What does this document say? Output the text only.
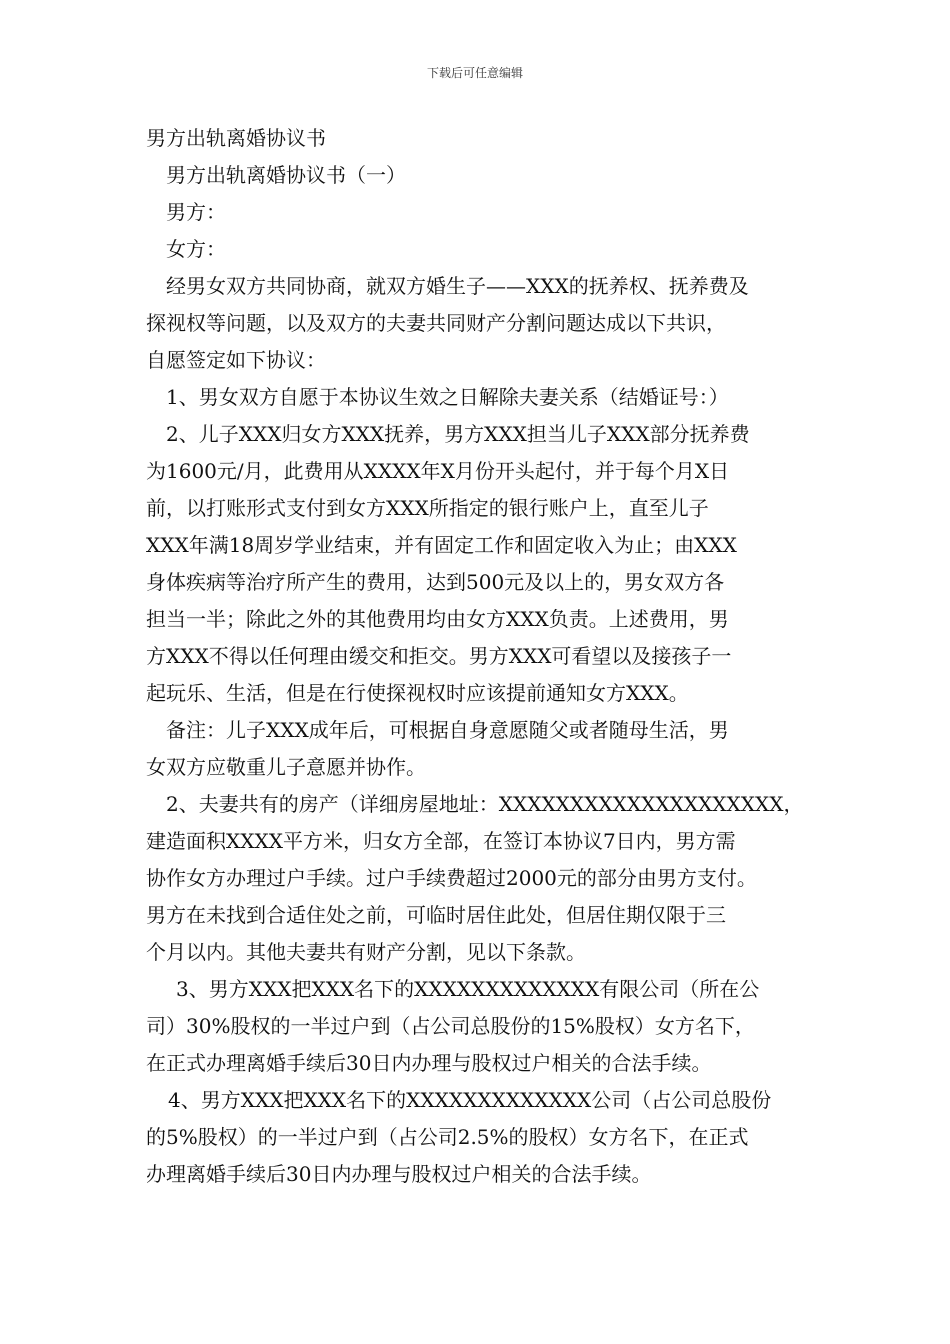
下载后可任意编辑

男方出轨离婚协议书

男方出轨离婚协议书（一）

男方：

女方：

经男女双方共同协商，就双方婚生子——XXX的抚养权、抚养费及

探视权等问题，以及双方的夫妻共同财产分割问题达成以下共识，

自愿签定如下协议：

1、男女双方自愿于本协议生效之日解除夫妻关系（结婚证号：）

2、儿子XXX归女方XXX抚养，男方XXX担当儿子XXX部分抚养费

为1600元/月，此费用从XXXX年X月份开头起付，并于每个月X日

前，以打账形式支付到女方XXX所指定的银行账户上，直至儿子

XXX年满18周岁学业结束，并有固定工作和固定收入为止；由XXX

身体疾病等治疗所产生的费用，达到500元及以上的，男女双方各

担当一半；除此之外的其他费用均由女方XXX负责。上述费用，男

方XXX不得以任何理由缓交和拒交。男方XXX可看望以及接孩子一

起玩乐、生活，但是在行使探视权时应该提前通知女方XXX。

备注：儿子XXX成年后，可根据自身意愿随父或者随母生活，男

女双方应敬重儿子意愿并协作。

2、夫妻共有的房产（详细房屋地址：XXXXXXXXXXXXXXXXXXXX，

建造面积XXXX平方米，归女方全部，在签订本协议7日内，男方需

协作女方办理过户手续。过户手续费超过2000元的部分由男方支付。

男方在未找到合适住处之前，可临时居住此处，但居住期仅限于三

个月以内。其他夫妻共有财产分割，见以下条款。

3、男方XXX把XXX名下的XXXXXXXXXXXXX有限公司（所在公

司）30%股权的一半过户到（占公司总股份的15%股权）女方名下，

在正式办理离婚手续后30日内办理与股权过户相关的合法手续。

4、男方XXX把XXX名下的XXXXXXXXXXXXX公司（占公司总股份

的5%股权）的一半过户到（占公司2.5%的股权）女方名下，在正式

办理离婚手续后30日内办理与股权过户相关的合法手续。
